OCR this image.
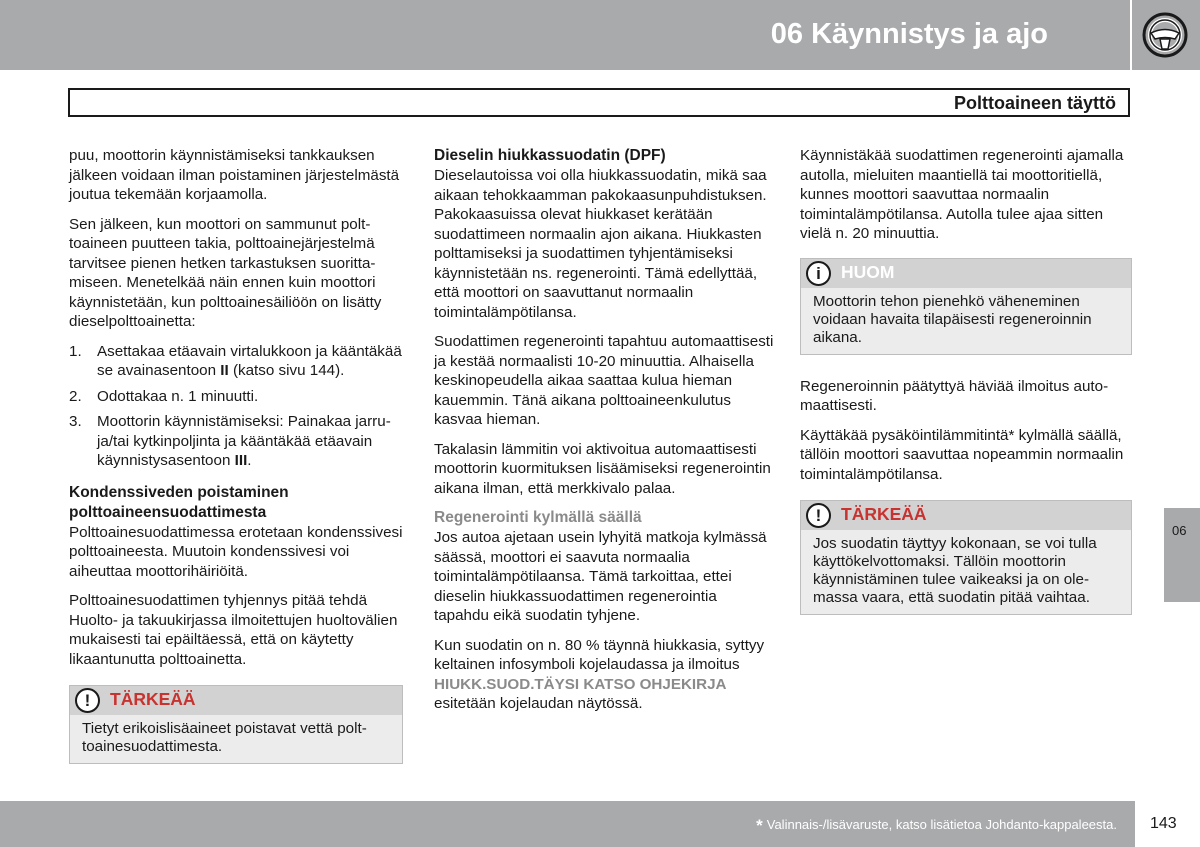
06 Käynnistys ja ajo
Polttoaineen täyttö

puu, moottorin käynnistämiseksi tankkauksen jälkeen voidaan ilman poistaminen järjestelmästä joutua tekemään korjaamolla.

Sen jälkeen, kun moottori on sammunut polttoaineen puutteen takia, polttoainejärjestelmä tarvitsee pienen hetken tarkastuksen suorittamiseen. Menetelkää näin ennen kuin moottori käynnistetään, kun polttoainesäiliöön on lisätty dieselpolttoainetta:

1. Asettakaa etäavain virtalukkoon ja kääntäkää se avainasentoon II (katso sivu 144).
2. Odottakaa n. 1 minuutti.
3. Moottorin käynnistämiseksi: Painakaa jarru- ja/tai kytkinpoljinta ja kääntäkää etäavain käynnistysasentoon III.
Kondenssiveden poistaminen polttoaineensuodattimesta

Polttoainesuodattimessa erotetaan kondenssivesi polttoaineesta. Muutoin kondenssivesi voi aiheuttaa moottorihäiriöitä.

Polttoainesuodattimen tyhjennys pitää tehdä Huolto- ja takuukirjassa ilmoitettujen huoltovälien mukaisesti tai epäiltäessä, että on käytetty likaantunutta polttoainetta.

!	TÄRKEÄÄ
Tietyt erikoislisäaineet poistavat vettä polttoainesuodattimesta.
Dieselin hiukkassuodatin (DPF)

Dieselautoissa voi olla hiukkassuodatin, mikä saa aikaan tehokkaamman pakokaasunpuhdistuksen. Pakokaasuissa olevat hiukkaset kerätään suodattimeen normaalin ajon aikana. Hiukkasten polttamiseksi ja suodattimen tyhjentämiseksi käynnistetään ns. regenerointi. Tämä edellyttää, että moottori on saavuttanut normaalin toimintalämpötilansa.

Suodattimen regenerointi tapahtuu automaattisesti ja kestää normaalisti 10-20 minuuttia. Alhaisella keskinopeudella aikaa saattaa kulua hieman kauemmin. Tänä aikana polttoaineenkulutus kasvaa hieman.

Takalasin lämmitin voi aktivoitua automaattisesti moottorin kuormituksen lisäämiseksi regenerointin aikana ilman, että merkkivalo palaa.

Regenerointi kylmällä säällä

Jos autoa ajetaan usein lyhyitä matkoja kylmässä säässä, moottori ei saavuta normaalia toimintalämpötilaansa. Tämä tarkoittaa, ettei dieselin hiukkassuodattimen regenerointia tapahdu eikä suodatin tyhjene.

Kun suodatin on n. 80 % täynnä hiukkasia, syttyy keltainen infosymboli kojelaudassa ja ilmoitus HIUKK.SUOD.TÄYSI KATSO OHJEKIRJA esitetään kojelaudan näytössä.

Käynnistäkää suodattimen regenerointi ajamalla autolla, mieluiten maantiellä tai moottoritiellä, kunnes moottori saavuttaa normaalin toimintalämpötilansa. Autolla tulee ajaa sitten vielä n. 20 minuuttia.

i	HUOM
Moottorin tehon pienehkö väheneminen voidaan havaita tilapäisesti regeneroinnin aikana.

Regeneroinnin päätyttyä häviää ilmoitus automaattisesti.

Käyttäkää pysäköintilämmitintä* kylmällä säällä, tällöin moottori saavuttaa nopeammin normaalin toimintalämpötilansa.

!	TÄRKEÄÄ
Jos suodatin täyttyy kokonaan, se voi tulla käyttökelvottomaksi. Tällöin moottorin käynnistäminen tulee vaikeaksi ja on olemassa vaara, että suodatin pitää vaihtaa.
06
* Valinnais-/lisävaruste, katso lisätietoa Johdanto-kappaleesta. 143
